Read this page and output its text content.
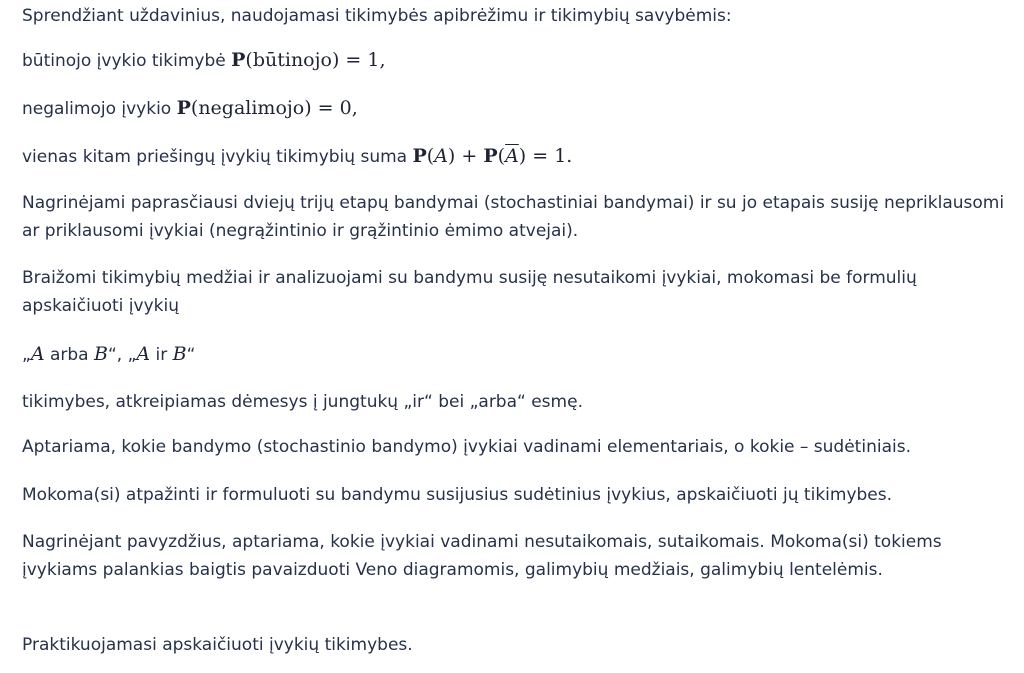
Sprendžiant uždavinius, naudojamasi tikimybės apibrėžimu ir tikimybių savybėmis:

būtinojo įvykio tikimybė P(būtinojo) = 1,

negalimojo įvykio P(negalimojo) = 0,

vienas kitam priešingų įvykių tikimybių suma $P(A) + P(\overline{A}) = 1$.

Nagrinėjami paprasčiausi dviejų trijų etapų bandymai (stochastiniai bandymai) ir su jo etapais susiję nepriklausomi ar priklausomi įvykiai (negrąžintinio ir grąžintinio ėmimo atvejai).

Braižomi tikimybių medžiai ir analizuojami su bandymu susiję nesutaikomi įvykiai, mokomasi be formulių apskaičiuoti įvykių

„A arba B“, „A ir B“

tikimybes, atkreipiamas dėmesys į jungtukų „ir“ bei „arba“ esmę.

Aptariama, kokie bandymo (stochastinio bandymo) įvykiai vadinami elementariais, o kokie – sudėtiniais.

Mokoma(si) atpažinti ir formuluoti su bandymu susijusius sudėtinius įvykius, apskaičiuoti jų tikimybes.

Nagrinėjant pavyzdžius, aptariama, kokie įvykiai vadinami nesutaikomais, sutaikomais. Mokoma(si) tokiems įvykiams palankias baigtis pavaizduoti Veno diagramomis, galimybių medžiais, galimybių lentelėmis.

Praktikuojamasi apskaičiuoti įvykių tikimybes.
